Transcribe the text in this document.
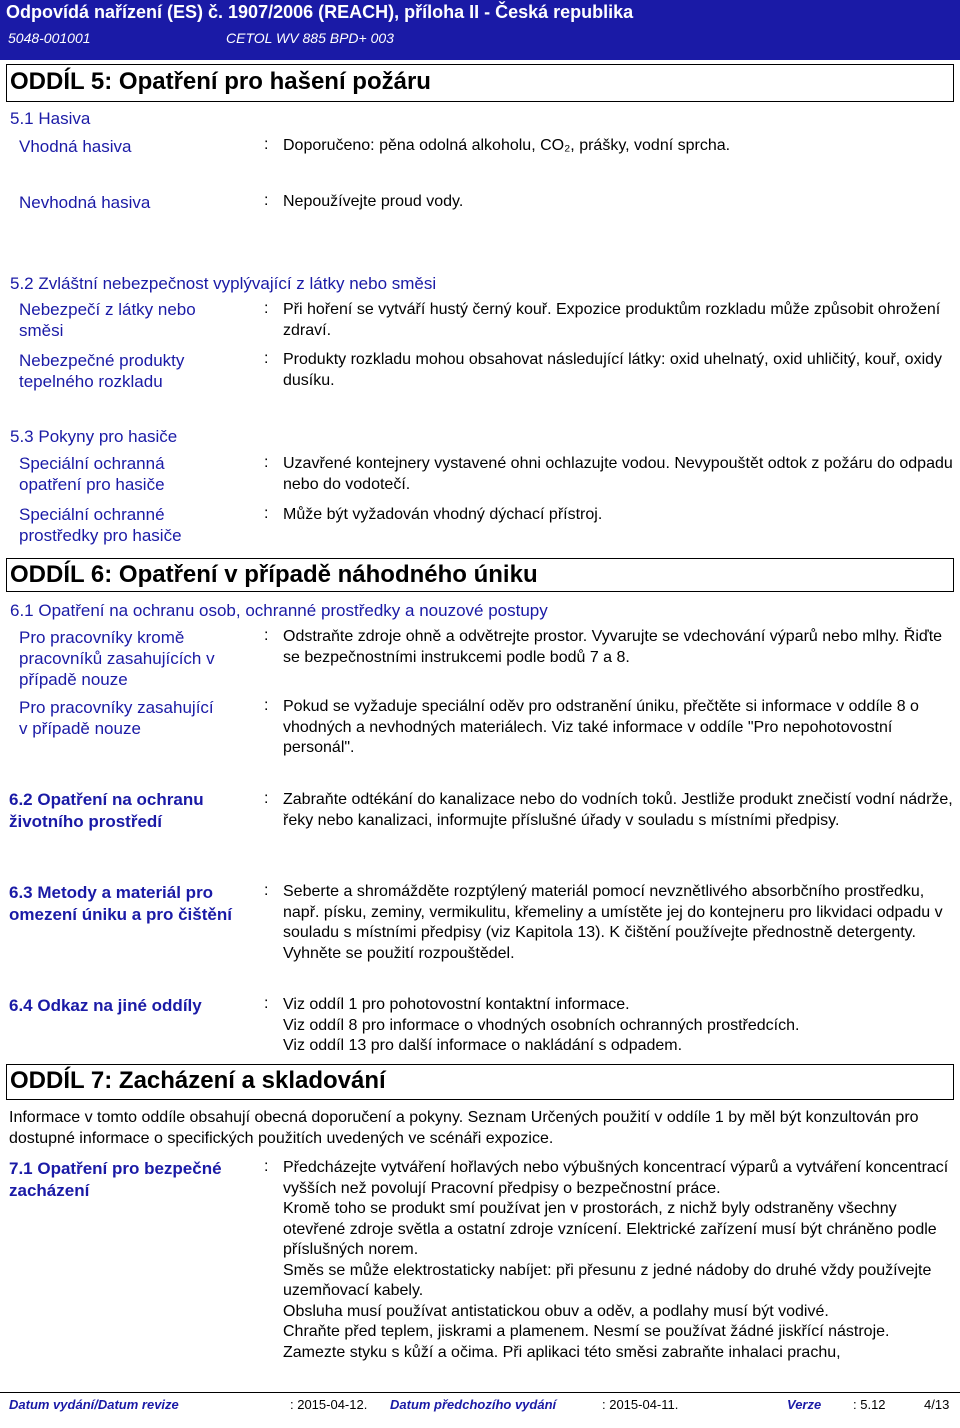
Odpovídá nařízení (ES) č. 1907/2006 (REACH), příloha II - Česká republika
5048-001001	CETOL WV 885 BPD+ 003
ODDÍL 5: Opatření pro hašení požáru
5.1 Hasiva
Vhodná hasiva	: Doporučeno: pěna odolná alkoholu, CO₂, prášky, vodní sprcha.
Nevhodná hasiva	: Nepoužívejte proud vody.
5.2 Zvláštní nebezpečnost vyplývající z látky nebo směsi
Nebezpečí z látky nebo
směsi
: Při hoření se vytváří hustý černý kouř. Expozice produktům rozkladu může způsobit ohrožení zdraví.
Nebezpečné produkty
tepelného rozkladu
: Produkty rozkladu mohou obsahovat následující látky: oxid uhelnatý, oxid uhličitý, kouř, oxidy dusíku.
5.3 Pokyny pro hasiče
Speciální ochranná
opatření pro hasiče
: Uzavřené kontejnery vystavené ohni ochlazujte vodou. Nevypouštět odtok z požáru do odpadu nebo do vodotečí.
Speciální ochranné
prostředky pro hasiče
: Může být vyžadován vhodný dýchací přístroj.
ODDÍL 6: Opatření v případě náhodného úniku
6.1 Opatření na ochranu osob, ochranné prostředky a nouzové postupy
Pro pracovníky kromě
pracovníků zasahujících v
případě nouze
: Odstraňte zdroje ohně a odvětrejte prostor. Vyvarujte se vdechování výparů nebo mlhy. Řiďte se bezpečnostními instrukcemi podle bodů 7 a 8.
Pro pracovníky zasahující
v případě nouze
: Pokud se vyžaduje speciální oděv pro odstranění úniku, přečtěte si informace v oddíle 8 o vhodných a nevhodných materiálech. Viz také informace v oddíle "Pro nepohotovostní personál".
6.2 Opatření na ochranu
životního prostředí
: Zabraňte odtékání do kanalizace nebo do vodních toků. Jestliže produkt znečistí vodní nádrže, řeky nebo kanalizaci, informujte příslušné úřady v souladu s místními předpisy.
6.3 Metody a materiál pro
omezení úniku a pro čištění
: Seberte a shromážděte rozptýlený materiál pomocí nevznětlivého absorbčního prostředku, např. písku, zeminy, vermikulitu, křemeliny a umístěte jej do kontejneru pro likvidaci odpadu v souladu s místními předpisy (viz Kapitola 13). K čištění používejte přednostně detergenty. Vyhněte se použití rozpouštědel.
6.4 Odkaz na jiné oddíly	: Viz oddíl 1 pro pohotovostní kontaktní informace.
Viz oddíl 8 pro informace o vhodných osobních ochranných prostředcích.
Viz oddíl 13 pro další informace o nakládání s odpadem.
ODDÍL 7: Zacházení a skladování
Informace v tomto oddíle obsahují obecná doporučení a pokyny. Seznam Určených použití v oddíle 1 by měl být konzultován pro dostupné informace o specifických použitích uvedených ve scénáři expozice.
7.1 Opatření pro bezpečné
zacházení
: Předcházejte vytváření hořlavých nebo výbušných koncentrací výparů a vytváření koncentrací vyšších než povolují Pracovní předpisy o bezpečnostní práce.
Kromě toho se produkt smí používat jen v prostorách, z nichž byly odstraněny všechny otevřené zdroje světla a ostatní zdroje vznícení. Elektrické zařízení musí být chráněno podle příslušných norem.
Směs se může elektrostaticky nabíjet: při přesunu z jedné nádoby do druhé vždy používejte uzemňovací kabely.
Obsluha musí používat antistatickou obuv a oděv, a podlahy musí být vodivé.
Chraňte před teplem, jiskrami a plamenem. Nesmí se používat žádné jiskřící nástroje.
Zamezte styku s kůží a očima. Při aplikaci této směsi zabraňte inhalaci prachu,
Datum vydání/Datum revize	: 2015-04-12. Datum předchozího vydání	: 2015-04-11.	Verze : 5.12	4/13
